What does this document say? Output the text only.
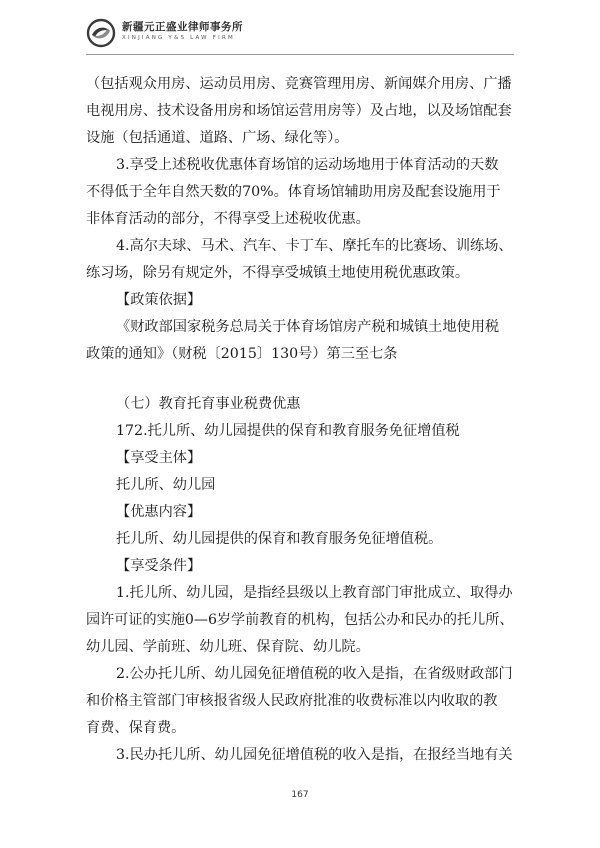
新疆元正盛业律师事务所
XINJIANG Y&S LAW FIRM
（包括观众用房、运动员用房、竞赛管理用房、新闻媒介用房、广播
电视用房、技术设备用房和场馆运营用房等）及占地，以及场馆配套
设施（包括通道、道路、广场、绿化等）。
3.享受上述税收优惠体育场馆的运动场地用于体育活动的天数
不得低于全年自然天数的70%。体育场馆辅助用房及配套设施用于
非体育活动的部分，不得享受上述税收优惠。
4.高尔夫球、马术、汽车、卡丁车、摩托车的比赛场、训练场、
练习场，除另有规定外，不得享受城镇土地使用税优惠政策。
【政策依据】
《财政部国家税务总局关于体育场馆房产税和城镇土地使用税
政策的通知》（财税〔2015〕130号）第三至七条
（七）教育托育事业税费优惠
172.托儿所、幼儿园提供的保育和教育服务免征增值税
【享受主体】
托儿所、幼儿园
【优惠内容】
托儿所、幼儿园提供的保育和教育服务免征增值税。
【享受条件】
1.托儿所、幼儿园，是指经县级以上教育部门审批成立、取得办
园许可证的实施0—6岁学前教育的机构，包括公办和民办的托儿所、
幼儿园、学前班、幼儿班、保育院、幼儿院。
2.公办托儿所、幼儿园免征增值税的收入是指，在省级财政部门
和价格主管部门审核报省级人民政府批准的收费标准以内收取的教
育费、保育费。
3.民办托儿所、幼儿园免征增值税的收入是指，在报经当地有关
167
